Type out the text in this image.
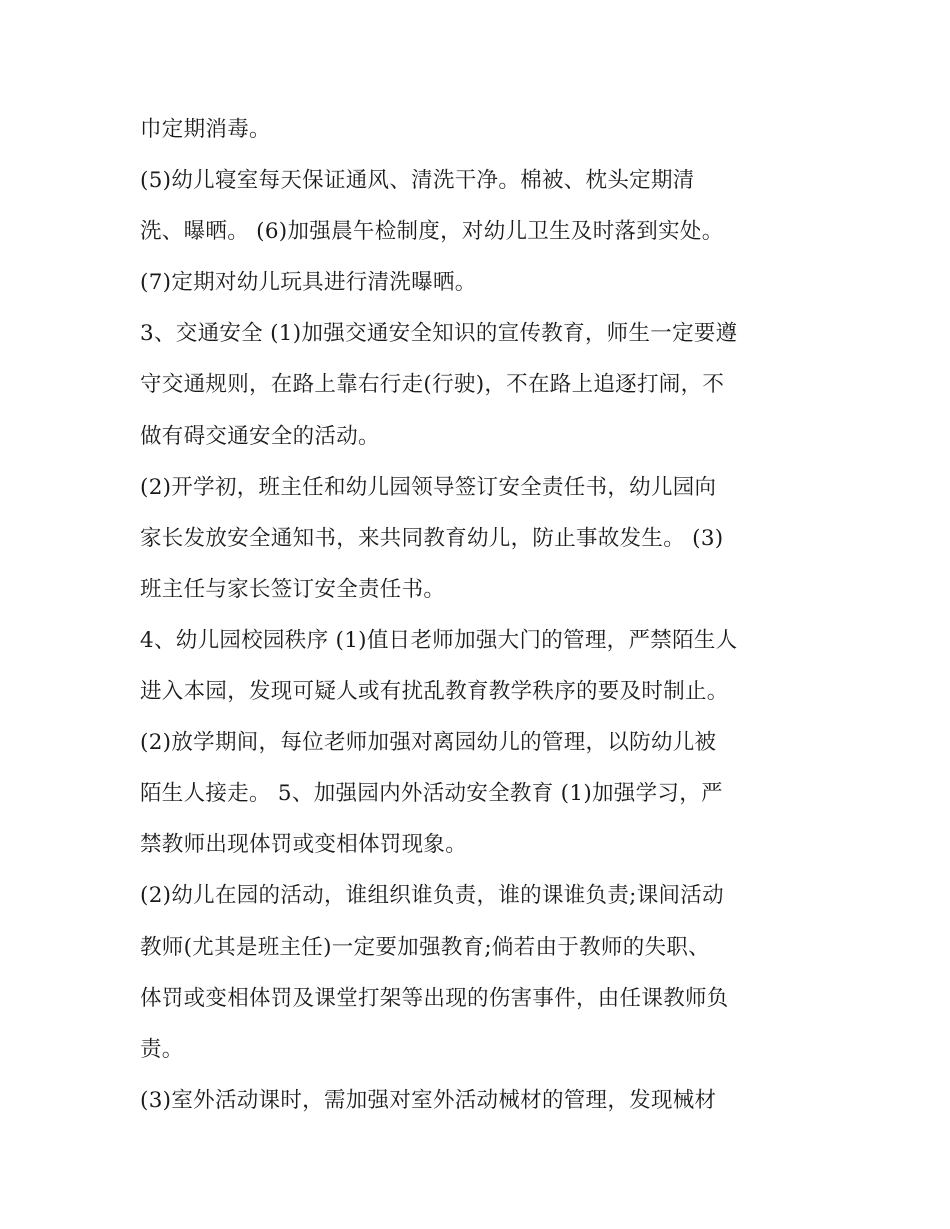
巾定期消毒。
(5)幼儿寝室每天保证通风、清洗干净。棉被、枕头定期清
洗、曝晒。 (6)加强晨午检制度，对幼儿卫生及时落到实处。
(7)定期对幼儿玩具进行清洗曝晒。
3、交通安全 (1)加强交通安全知识的宣传教育，师生一定要遵
守交通规则，在路上靠右行走(行驶)，不在路上追逐打闹，不
做有碍交通安全的活动。
(2)开学初，班主任和幼儿园领导签订安全责任书，幼儿园向
家长发放安全通知书，来共同教育幼儿，防止事故发生。 (3)
班主任与家长签订安全责任书。
4、幼儿园校园秩序 (1)值日老师加强大门的管理，严禁陌生人
进入本园，发现可疑人或有扰乱教育教学秩序的要及时制止。
(2)放学期间，每位老师加强对离园幼儿的管理，以防幼儿被
陌生人接走。 5、加强园内外活动安全教育 (1)加强学习，严
禁教师出现体罚或变相体罚现象。
(2)幼儿在园的活动，谁组织谁负责，谁的课谁负责;课间活动
教师(尤其是班主任)一定要加强教育;倘若由于教师的失职、
体罚或变相体罚及课堂打架等出现的伤害事件，由任课教师负
责。
(3)室外活动课时，需加强对室外活动械材的管理，发现械材
